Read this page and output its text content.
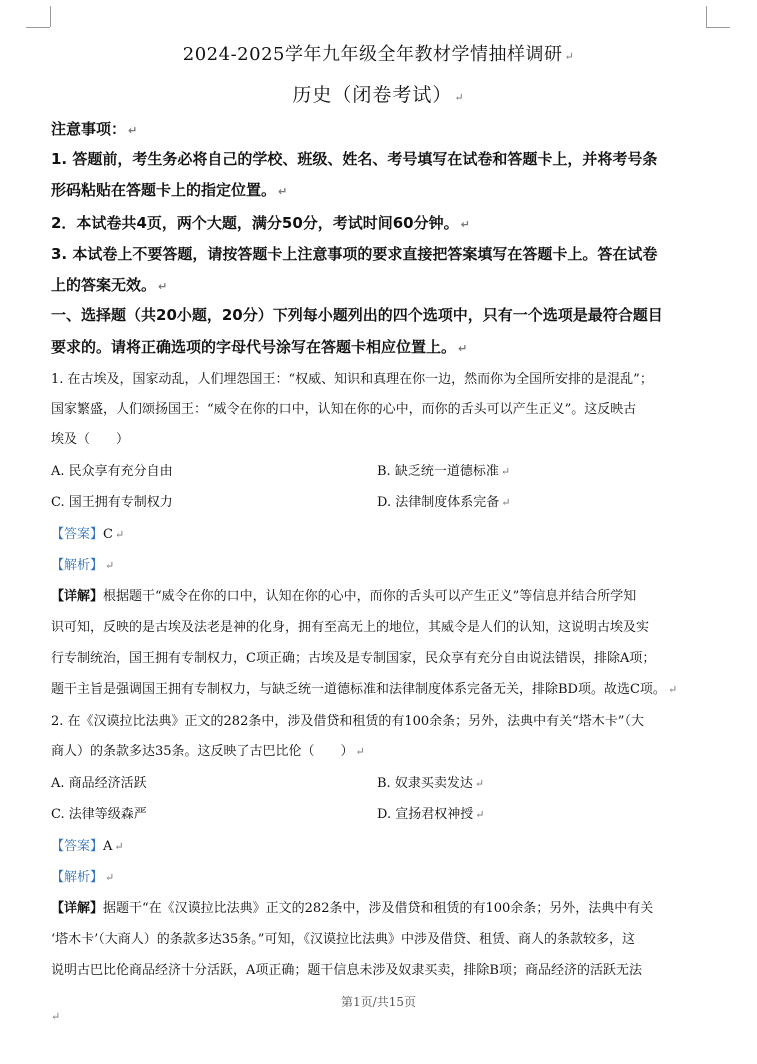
2024-2025学年九年级全年教材学情抽样调研 ↵
历史（闭卷考试） ↵
注意事项： ↵
1. 答题前，考生务必将自己的学校、班级、姓名、考号填写在试卷和答题卡上，并将考号条
形码粘贴在答题卡上的指定位置。 ↵
2．本试卷共4页，两个大题，满分50分，考试时间60分钟。 ↵
3. 本试卷上不要答题，请按答题卡上注意事项的要求直接把答案填写在答题卡上。答在试卷
上的答案无效。 ↵
一、选择题（共20小题，20分）下列每小题列出的四个选项中，只有一个选项是最符合题目
要求的。请将正确选项的字母代号涂写在答题卡相应位置上。 ↵
1. 在古埃及，国家动乱，人们埋怨国王：“权威、知识和真理在你一边，然而你为全国所安排的是混乱”；
国家繁盛，人们颂扬国王：“威令在你的口中，认知在你的心中，而你的舌头可以产生正义”。这反映古
埃及（　　）
A. 民众享有充分自由	B. 缺乏统一道德标准 ↵
C. 国王拥有专制权力	D. 法律制度体系完备 ↵
【答案】C ↵
【解析】 ↵
【详解】根据题干“威令在你的口中，认知在你的心中，而你的舌头可以产生正义”等信息并结合所学知
识可知，反映的是古埃及法老是神的化身，拥有至高无上的地位，其威令是人们的认知，这说明古埃及实
行专制统治，国王拥有专制权力，C项正确；古埃及是专制国家，民众享有充分自由说法错误，排除A项；
题干主旨是强调国王拥有专制权力，与缺乏统一道德标准和法律制度体系完备无关，排除BD项。故选C项。 ↵
2. 在《汉谟拉比法典》正文的282条中，涉及借贷和租赁的有100余条；另外，法典中有关“塔木卡”（大
商人）的条款多达35条。这反映了古巴比伦（　　） ↵
A. 商品经济活跃	B. 奴隶买卖发达 ↵
C. 法律等级森严	D. 宣扬君权神授 ↵
【答案】A ↵
【解析】 ↵
【详解】据题干“在《汉谟拉比法典》正文的282条中，涉及借贷和租赁的有100余条；另外，法典中有关
‘塔木卡’（大商人）的条款多达35条。”可知，《汉谟拉比法典》中涉及借贷、租赁、商人的条款较多，这
说明古巴比伦商品经济十分活跃，A项正确；题干信息未涉及奴隶买卖，排除B项；商品经济的活跃无法
第1页/共15页
↵
